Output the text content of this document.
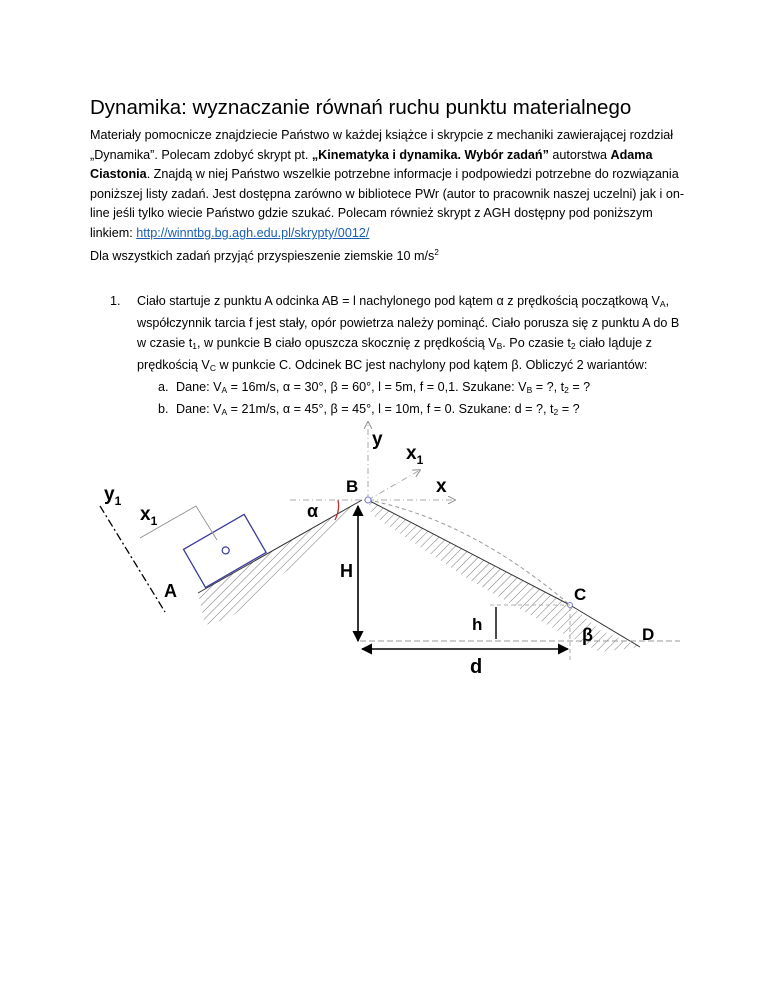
Dynamika: wyznaczanie równań ruchu punktu materialnego
Materiały pomocnicze znajdziecie Państwo w każdej książce i skrypcie z mechaniki zawierającej rozdział „Dynamika”. Polecam zdobyć skrypt pt. „Kinematyka i dynamika. Wybór zadań” autorstwa Adama Ciastonia. Znajdą w niej Państwo wszelkie potrzebne informacje i podpowiedzi potrzebne do rozwiązania poniższej listy zadań. Jest dostępna zarówno w bibliotece PWr (autor to pracownik naszej uczelni) jak i on-line jeśli tylko wiecie Państwo gdzie szukać. Polecam również skrypt z AGH dostępny pod poniższym linkiem: http://winntbg.bg.agh.edu.pl/skrypty/0012/
Dla wszystkich zadań przyjąć przyspieszenie ziemskie 10 $m/s^2$
1. Ciało startuje z punktu A odcinka AB = l nachylonego pod kątem α z prędkością początkową $V_A$, współczynnik tarcia f jest stały, opór powietrza należy pominąć. Ciało porusza się z punktu A do B w czasie $t_1$, w punkcie B ciało opuszcza skocznię z prędkością $V_B$. Po czasie $t_2$ ciało ląduje z prędkością $V_C$ w punkcie C. Odcinek BC jest nachylony pod kątem β. Obliczyć 2 wariantów:
a. Dane: $V_A = 16m/s$, α = 30°, β = 60°, l = 5m, f = 0,1. Szukane: $V_B$ = ?, $t_2$ = ?
b. Dane: $V_A = 21m/s$, α = 45°, β = 45°, l = 10m, f = 0. Szukane: d = ?, $t_2$ = ?
y
$x_1$
x
B
$y_1$
$x_1$	α
H
A	C
h
β	D
d
